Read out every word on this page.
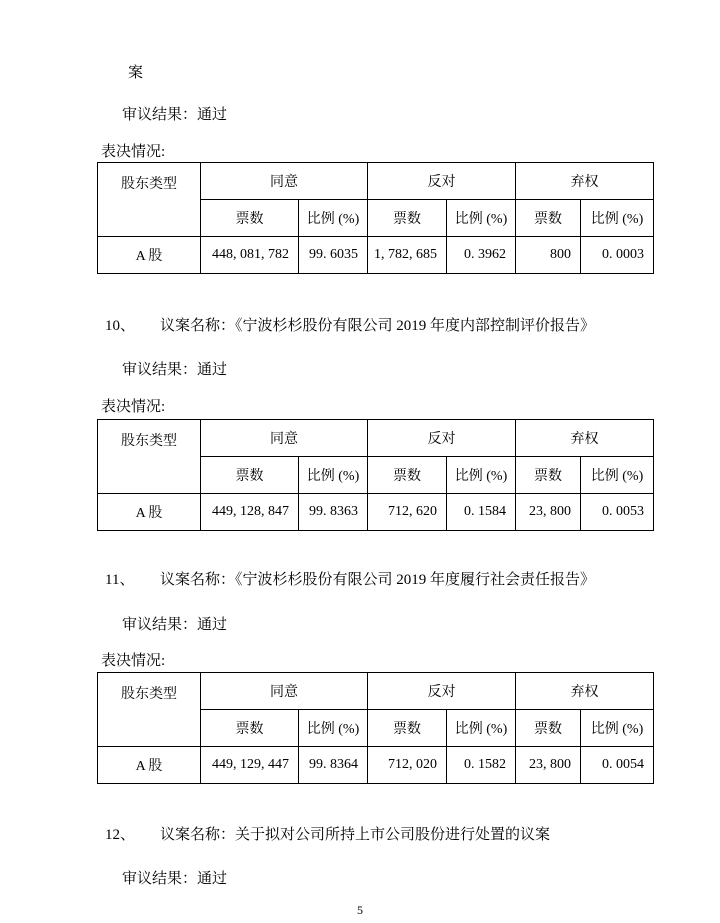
案
审议结果：通过
表决情况:
股东类型	同意		反对		弃权	
	票数	比例 (%)	票数	比例 (%)	票数	比例 (%)
A 股	448, 081, 782	99. 6035	1, 782, 685	0. 3962	800	0. 0003
10、 议案名称：《宁波杉杉股份有限公司 2019 年度内部控制评价报告》
审议结果：通过
表决情况:
股东类型	同意		反对		弃权	
	票数	比例 (%)	票数	比例 (%)	票数	比例 (%)
A 股	449, 128, 847	99. 8363	712, 620	0. 1584	23, 800	0. 0053
11、 议案名称：《宁波杉杉股份有限公司 2019 年度履行社会责任报告》
审议结果：通过
表决情况:
股东类型	同意		反对		弃权	
	票数	比例 (%)	票数	比例 (%)	票数	比例 (%)
A 股	449, 129, 447	99. 8364	712, 020	0. 1582	23, 800	0. 0054
12、 议案名称：关于拟对公司所持上市公司股份进行处置的议案
审议结果：通过
5
